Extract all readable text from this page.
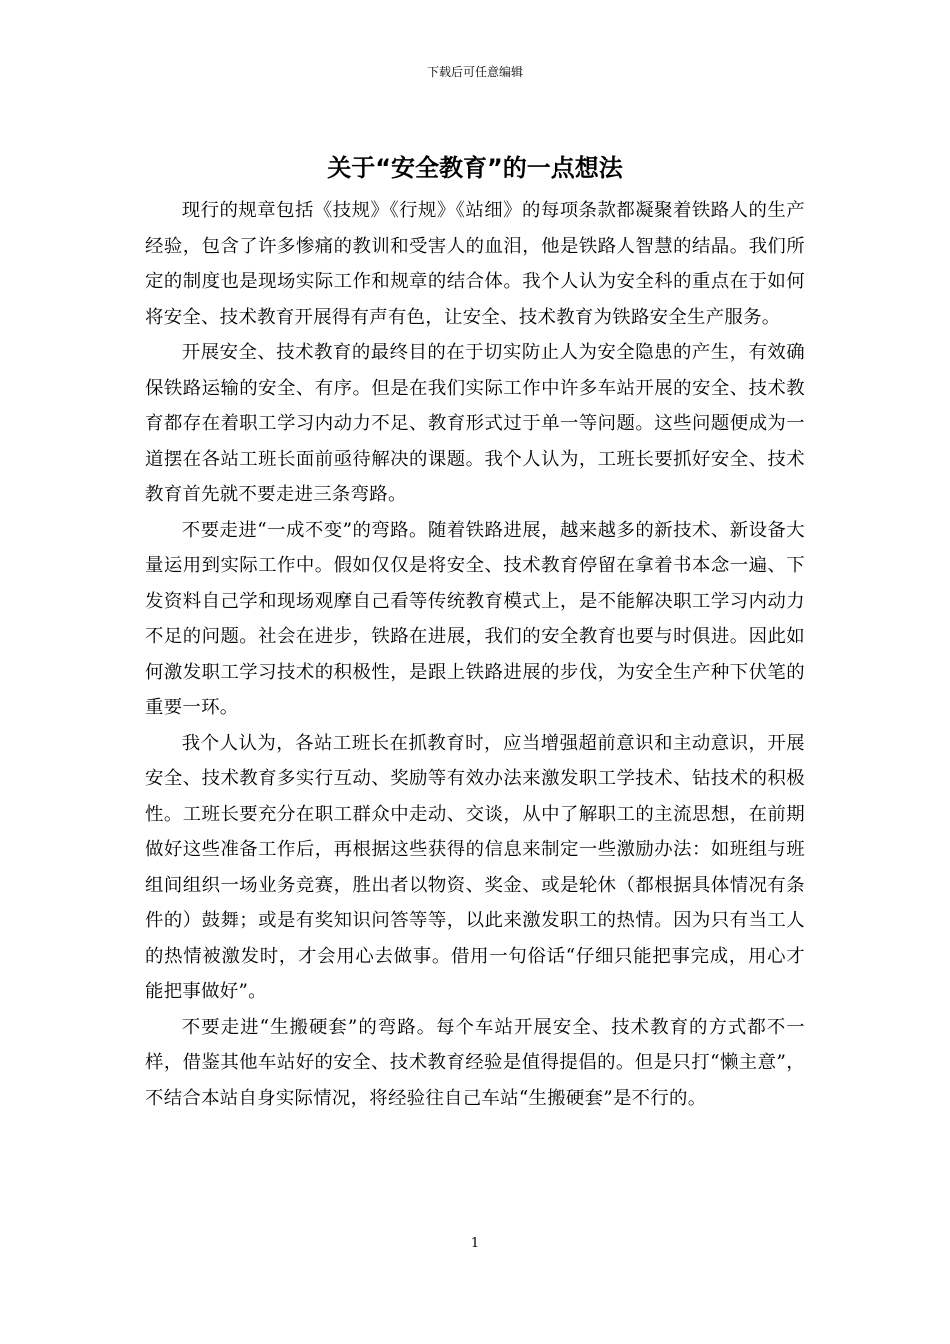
下载后可任意编辑
关于“安全教育”的一点想法

现行的规章包括《技规》《行规》《站细》的每项条款都凝聚着铁路人的生产经验，包含了许多惨痛的教训和受害人的血泪，他是铁路人智慧的结晶。我们所定的制度也是现场实际工作和规章的结合体。我个人认为安全科的重点在于如何将安全、技术教育开展得有声有色，让安全、技术教育为铁路安全生产服务。

开展安全、技术教育的最终目的在于切实防止人为安全隐患的产生，有效确保铁路运输的安全、有序。但是在我们实际工作中许多车站开展的安全、技术教育都存在着职工学习内动力不足、教育形式过于单一等问题。这些问题便成为一道摆在各站工班长面前亟待解决的课题。我个人认为，工班长要抓好安全、技术教育首先就不要走进三条弯路。

不要走进“一成不变”的弯路。随着铁路进展，越来越多的新技术、新设备大量运用到实际工作中。假如仅仅是将安全、技术教育停留在拿着书本念一遍、下发资料自己学和现场观摩自己看等传统教育模式上，是不能解决职工学习内动力不足的问题。社会在进步，铁路在进展，我们的安全教育也要与时俱进。因此如何激发职工学习技术的积极性，是跟上铁路进展的步伐，为安全生产种下伏笔的重要一环。

我个人认为，各站工班长在抓教育时，应当增强超前意识和主动意识，开展安全、技术教育多实行互动、奖励等有效办法来激发职工学技术、钻技术的积极性。工班长要充分在职工群众中走动、交谈，从中了解职工的主流思想，在前期做好这些准备工作后，再根据这些获得的信息来制定一些激励办法：如班组与班组间组织一场业务竞赛，胜出者以物资、奖金、或是轮休（都根据具体情况有条件的）鼓舞；或是有奖知识问答等等，以此来激发职工的热情。因为只有当工人的热情被激发时，才会用心去做事。借用一句俗话“仔细只能把事完成，用心才能把事做好”。

不要走进“生搬硬套”的弯路。每个车站开展安全、技术教育的方式都不一样，借鉴其他车站好的安全、技术教育经验是值得提倡的。但是只打“懒主意”，不结合本站自身实际情况，将经验往自己车站“生搬硬套”是不行的。

1
